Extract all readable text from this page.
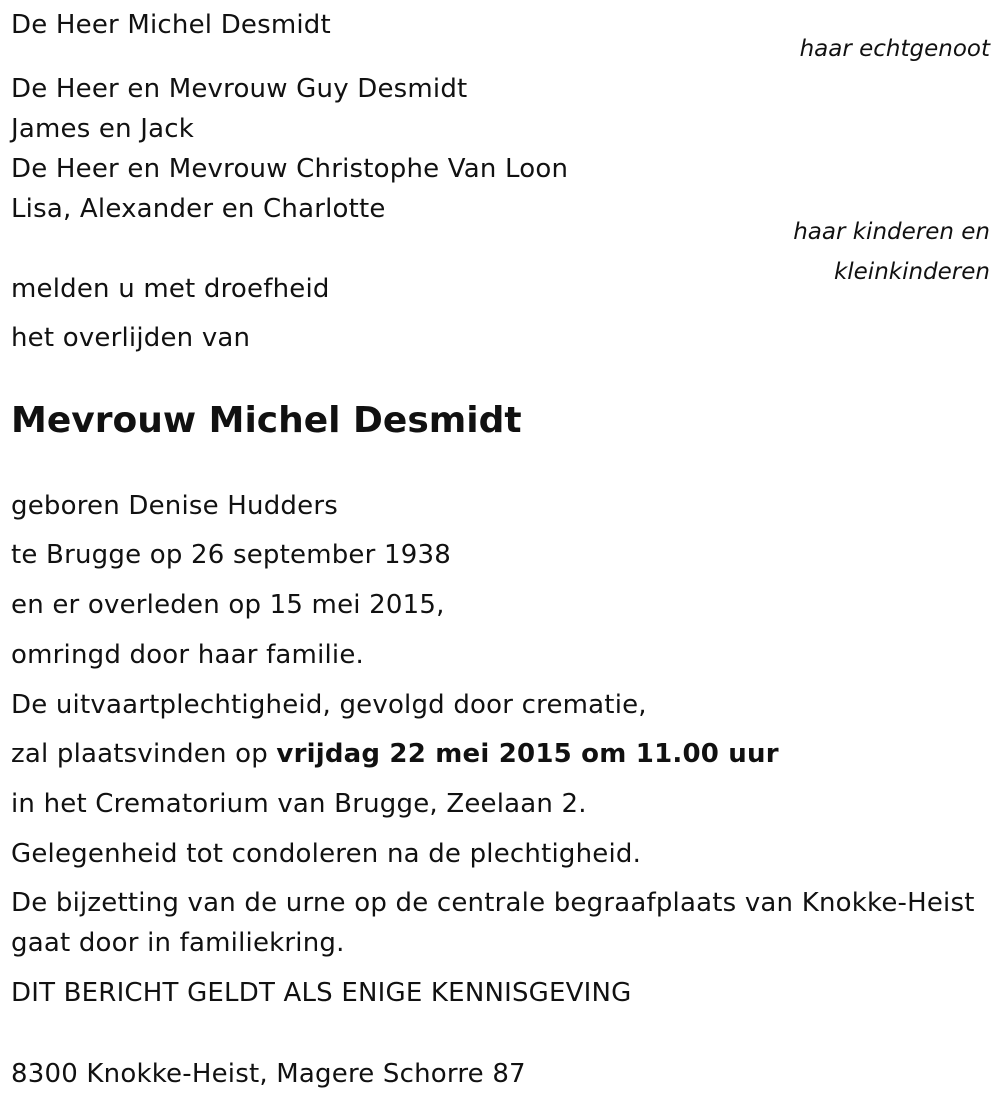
De Heer Michel Desmidt
haar echtgenoot
De Heer en Mevrouw Guy Desmidt
James en Jack
De Heer en Mevrouw Christophe Van Loon
Lisa, Alexander en Charlotte
haar kinderen en
kleinkinderen
melden u met droefheid
het overlijden van
Mevrouw Michel Desmidt
geboren Denise Hudders
te Brugge op 26 september 1938
en er overleden op 15 mei 2015,
omringd door haar familie.
De uitvaartplechtigheid, gevolgd door crematie,
zal plaatsvinden op vrijdag 22 mei 2015 om 11.00 uur
in het Crematorium van Brugge, Zeelaan 2.
Gelegenheid tot condoleren na de plechtigheid.
De bijzetting van de urne op de centrale begraafplaats van Knokke-Heist
gaat door in familiekring.
DIT BERICHT GELDT ALS ENIGE KENNISGEVING
8300 Knokke-Heist, Magere Schorre 87
